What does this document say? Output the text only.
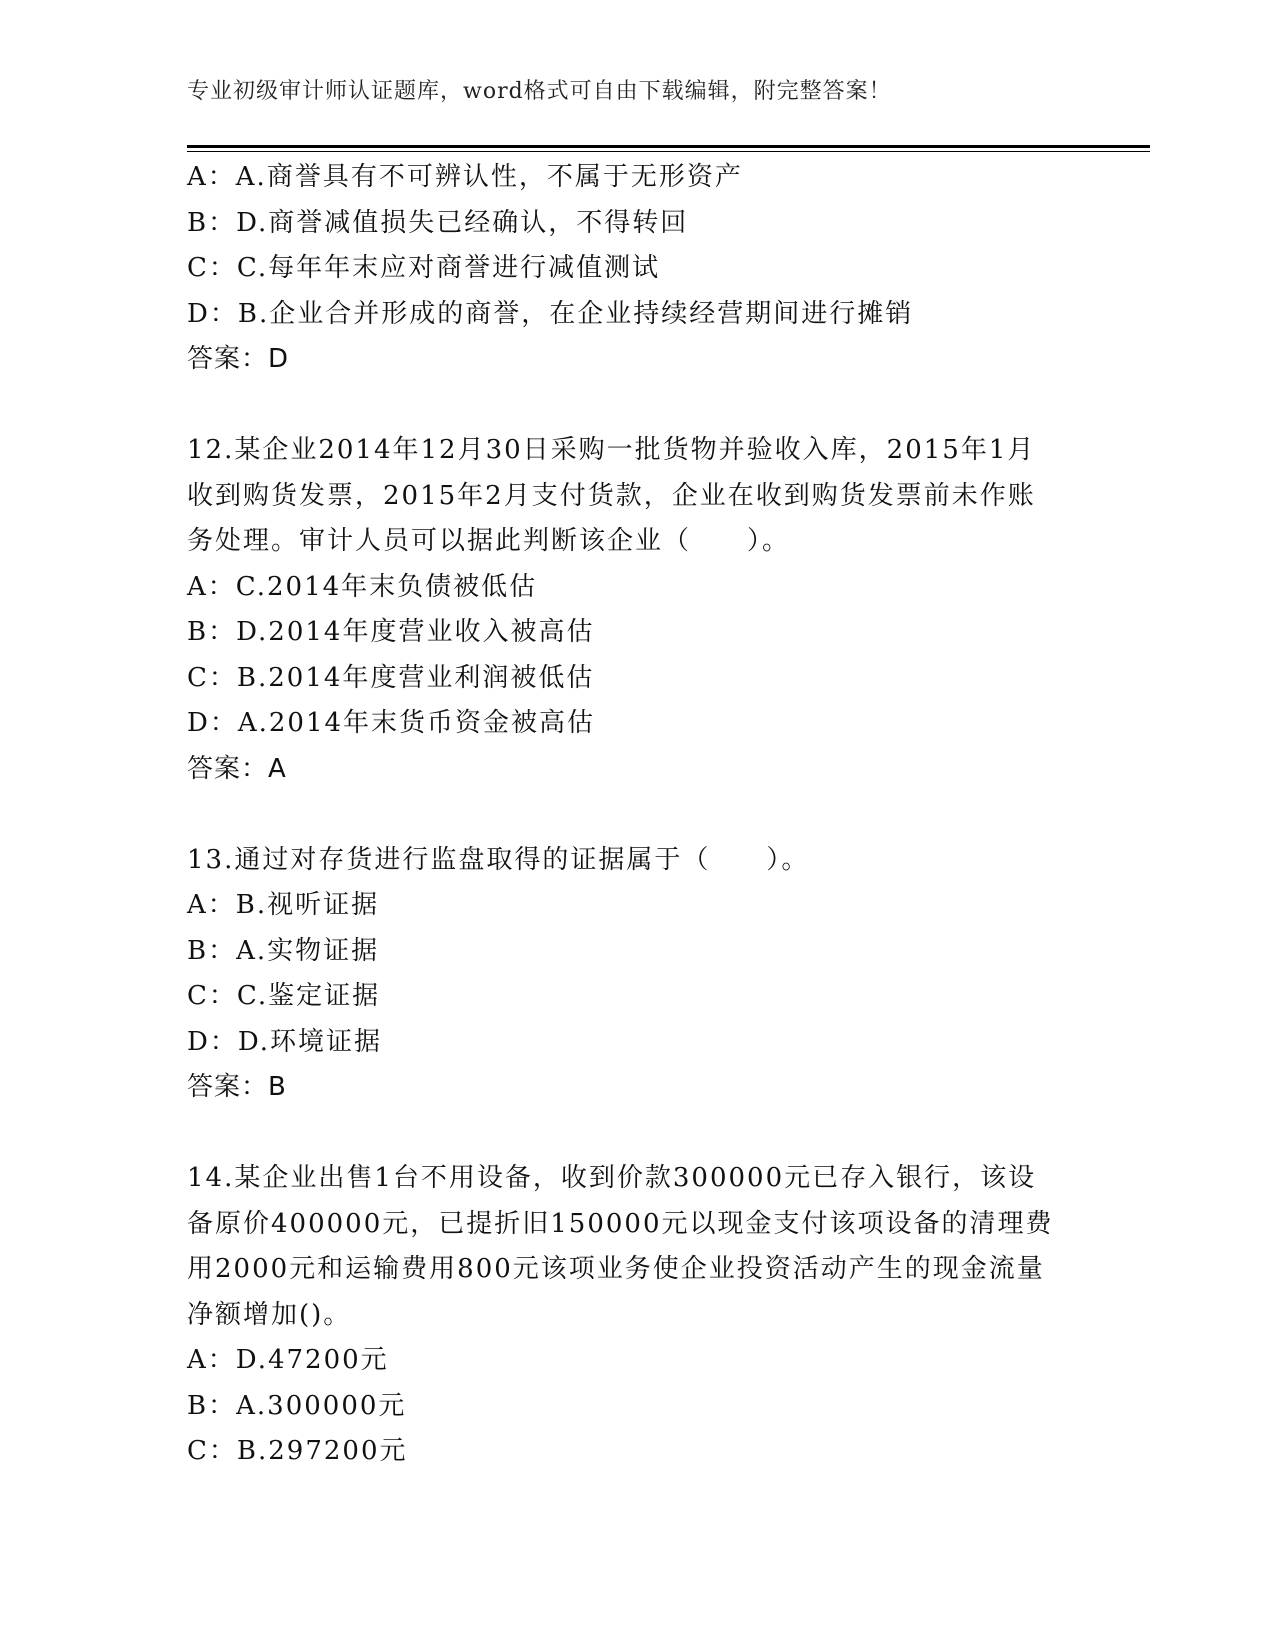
专业初级审计师认证题库，word格式可自由下载编辑，附完整答案！
A：A.商誉具有不可辨认性，不属于无形资产
B：D.商誉减值损失已经确认，不得转回
C：C.每年年末应对商誉进行减值测试
D：B.企业合并形成的商誉，在企业持续经营期间进行摊销
答案：D
12.某企业2014年12月30日采购一批货物并验收入库，2015年1月
收到购货发票，2015年2月支付货款，企业在收到购货发票前未作账
务处理。审计人员可以据此判断该企业（　　）。
A：C.2014年末负债被低估
B：D.2014年度营业收入被高估
C：B.2014年度营业利润被低估
D：A.2014年末货币资金被高估
答案：A
13.通过对存货进行监盘取得的证据属于（　　）。
A：B.视听证据
B：A.实物证据
C：C.鉴定证据
D：D.环境证据
答案：B
14.某企业出售1台不用设备，收到价款300000元已存入银行，该设
备原价400000元，已提折旧150000元以现金支付该项设备的清理费
用2000元和运输费用800元该项业务使企业投资活动产生的现金流量
净额增加()。
A：D.47200元
B：A.300000元
C：B.297200元
